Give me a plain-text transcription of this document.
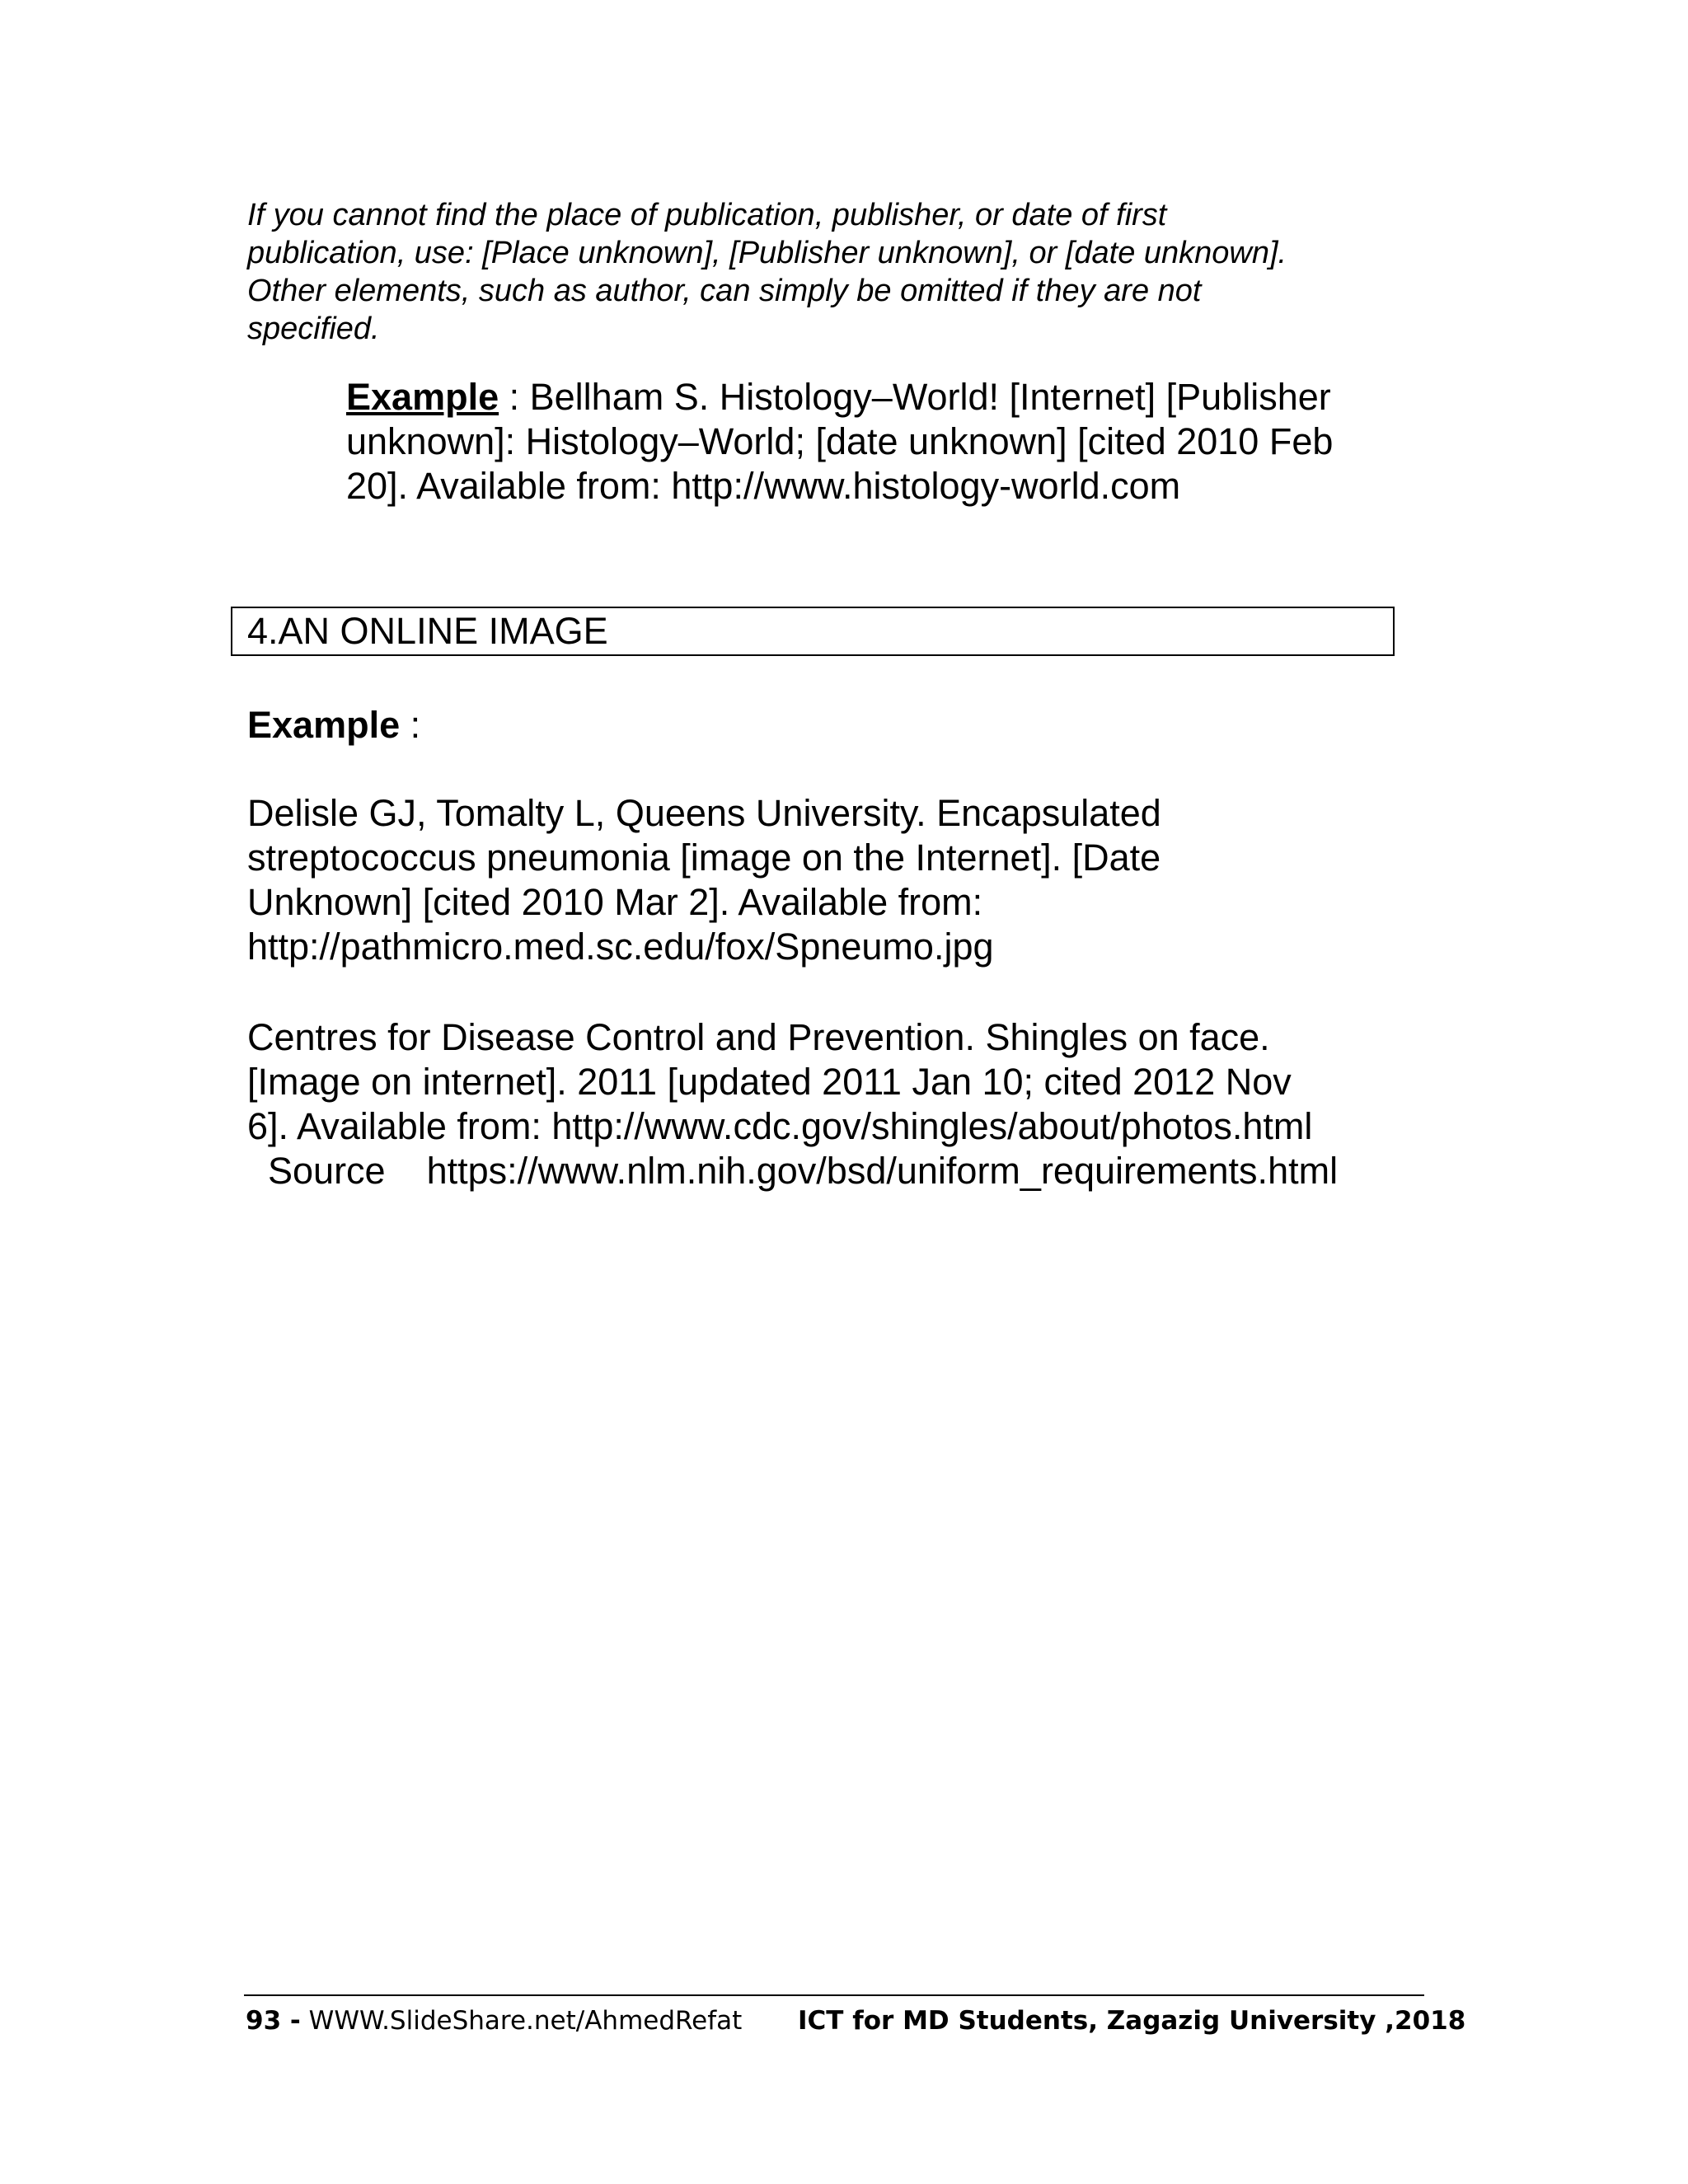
If you cannot find the place of publication, publisher, or date of first
publication, use: [Place unknown], [Publisher unknown], or [date unknown].
Other elements, such as author, can simply be omitted if they are not
specified.
Example : Bellham S. Histology–World! [Internet] [Publisher
unknown]: Histology–World; [date unknown] [cited 2010 Feb
20]. Available from: http://www.histology-world.com
4.AN ONLINE IMAGE
Example :
Delisle GJ, Tomalty L, Queens University. Encapsulated
streptococcus pneumonia [image on the Internet]. [Date
Unknown] [cited 2010 Mar 2]. Available from:
http://pathmicro.med.sc.edu/fox/Spneumo.jpg
Centres for Disease Control and Prevention. Shingles on face.
[Image on internet]. 2011 [updated 2011 Jan 10; cited 2012 Nov
6]. Available from: http://www.cdc.gov/shingles/about/photos.html
Source https://www.nlm.nih.gov/bsd/uniform_requirements.html
93 - WWW.SlideShare.net/AhmedRefat ICT for MD Students, Zagazig University ,2018
